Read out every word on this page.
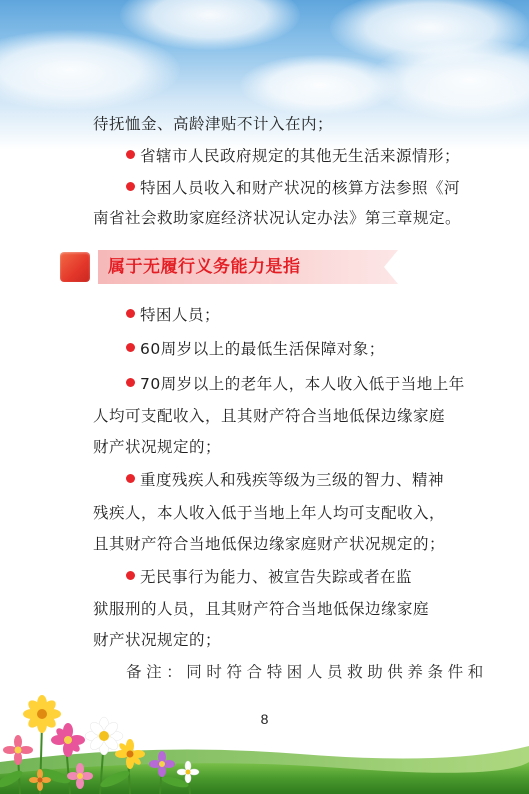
待抚恤金、高龄津贴不计入在内；
省辖市人民政府规定的其他无生活来源情形；
特困人员收入和财产状况的核算方法参照《河
南省社会救助家庭经济状况认定办法》第三章规定。
属于无履行义务能力是指
特困人员；
60周岁以上的最低生活保障对象；
70周岁以上的老年人，本人收入低于当地上年
人均可支配收入，且其财产符合当地低保边缘家庭
财产状况规定的；
重度残疾人和残疾等级为三级的智力、精神
残疾人，本人收入低于当地上年人均可支配收入，
且其财产符合当地低保边缘家庭财产状况规定的；
无民事行为能力、被宣告失踪或者在监
狱服刑的人员，且其财产符合当地低保边缘家庭
财产状况规定的；
备注：同时符合特困人员救助供养条件和
8
